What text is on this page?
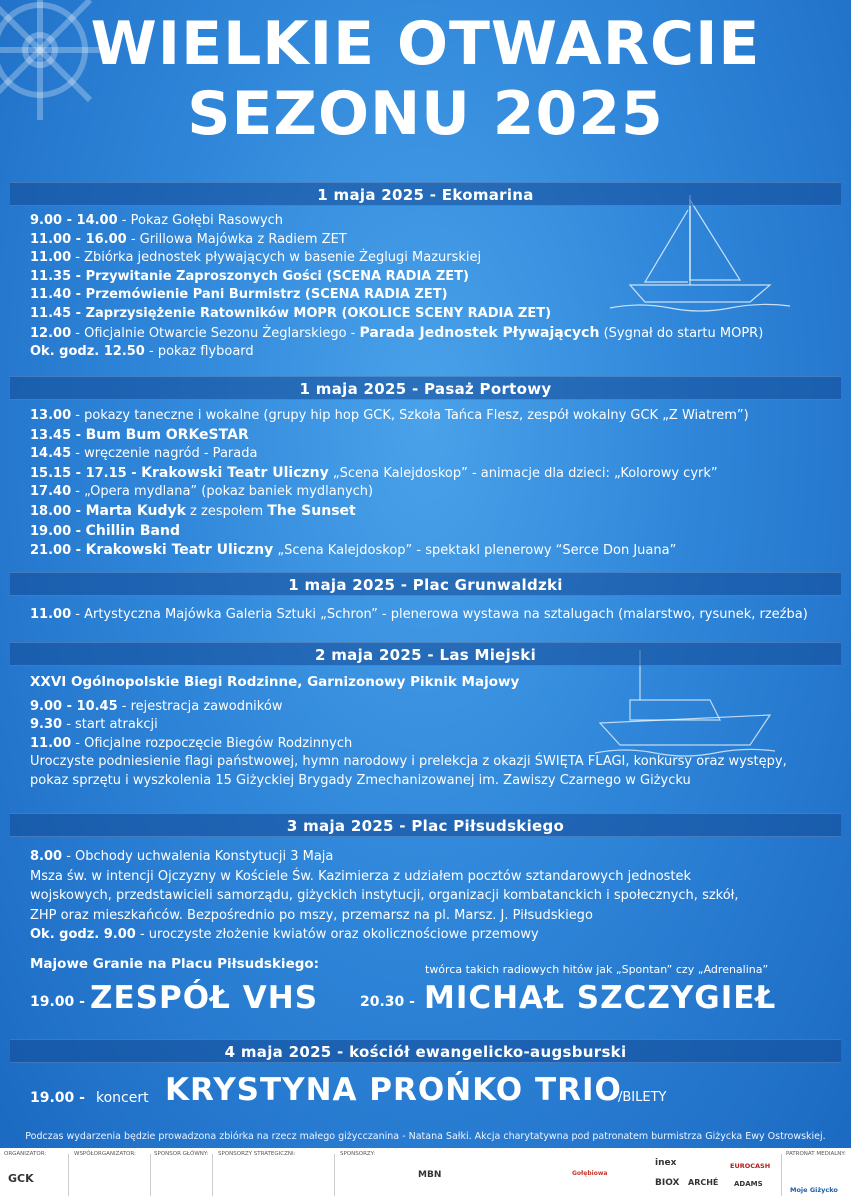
WIELKIE OTWARCIE
SEZONU 2025
1 maja 2025 - Ekomarina
9.00 - 14.00 - Pokaz Gołębi Rasowych
11.00 - 16.00 - Grillowa Majówka z Radiem ZET
11.00 - Zbiórka jednostek pływających w basenie Żeglugi Mazurskiej
11.35 - Przywitanie Zaproszonych Gości (SCENA RADIA ZET)
11.40 - Przemówienie Pani Burmistrz (SCENA RADIA ZET)
11.45 - Zaprzysiężenie Ratowników MOPR (OKOLICE SCENY RADIA ZET)
12.00 - Oficjalnie Otwarcie Sezonu Żeglarskiego - Parada Jednostek Pływających (Sygnał do startu MOPR)
Ok. godz. 12.50 - pokaz flyboard
1 maja 2025 - Pasaż Portowy
13.00 - pokazy taneczne i wokalne (grupy hip hop GCK, Szkoła Tańca Flesz, zespół wokalny GCK „Z Wiatrem”)
13.45 - Bum Bum ORKeSTAR
14.45 - wręczenie nagród - Parada
15.15 - 17.15 - Krakowski Teatr Uliczny „Scena Kalejdoskop” - animacje dla dzieci: „Kolorowy cyrk”
17.40 - „Opera mydlana” (pokaz baniek mydlanych)
18.00 - Marta Kudyk z zespołem The Sunset
19.00 - Chillin Band
21.00 - Krakowski Teatr Uliczny „Scena Kalejdoskop” - spektakl plenerowy “Serce Don Juana”
1 maja 2025 - Plac Grunwaldzki
11.00 - Artystyczna Majówka Galeria Sztuki „Schron” - plenerowa wystawa na sztalugach (malarstwo, rysunek, rzeźba)
2 maja 2025 - Las Miejski
XXVI Ogólnopolskie Biegi Rodzinne, Garnizonowy Piknik Majowy
9.00 - 10.45 - rejestracja zawodników
9.30 - start atrakcji
11.00 - Oficjalne rozpoczęcie Biegów Rodzinnych
Uroczyste podniesienie flagi państwowej, hymn narodowy i prelekcja z okazji ŚWIĘTA FLAGI, konkursy oraz występy,
pokaz sprzętu i wyszkolenia 15 Giżyckiej Brygady Zmechanizowanej im. Zawiszy Czarnego w Giżycku
3 maja 2025 - Plac Piłsudskiego
8.00 - Obchody uchwalenia Konstytucji 3 Maja
Msza św. w intencji Ojczyzny w Kościele Św. Kazimierza z udziałem pocztów sztandarowych jednostek
wojskowych, przedstawicieli samorządu, giżyckich instytucji, organizacji kombatanckich i społecznych, szkół,
ZHP oraz mieszkańców. Bezpośrednio po mszy, przemarsz na pl. Marsz. J. Piłsudskiego
Ok. godz. 9.00 - uroczyste złożenie kwiatów oraz okolicznościowe przemowy
Majowe Granie na Placu Piłsudskiego:	twórca takich radiowych hitów jak „Spontan” czy „Adrenalina”
19.00 - ZESPÓŁ VHS	20.30 - MICHAŁ SZCZYGIEŁ
4 maja 2025 - kościół ewangelicko-augsburski
19.00 - koncert KRYSTYNA PROŃKO TRIO
/BILETY
Podczas wydarzenia będzie prowadzona zbiórka na rzecz małego giżycczanina - Natana Sałki. Akcja charytatywna pod patronatem burmistrza Giżycka Ewy Ostrowskiej.
ORGANIZATOR:
GCK
WSPÓŁORGANIZATOR:	SPONSOR GŁÓWNY: SPONSORZY STRATEGICZNI:	SPONSORZY:
MBN	Gołębiowa
inex
BIOX ARCHÉ
EUROCASH
ADAMS
PATRONAT MEDIALNY:
Moje Giżycko
